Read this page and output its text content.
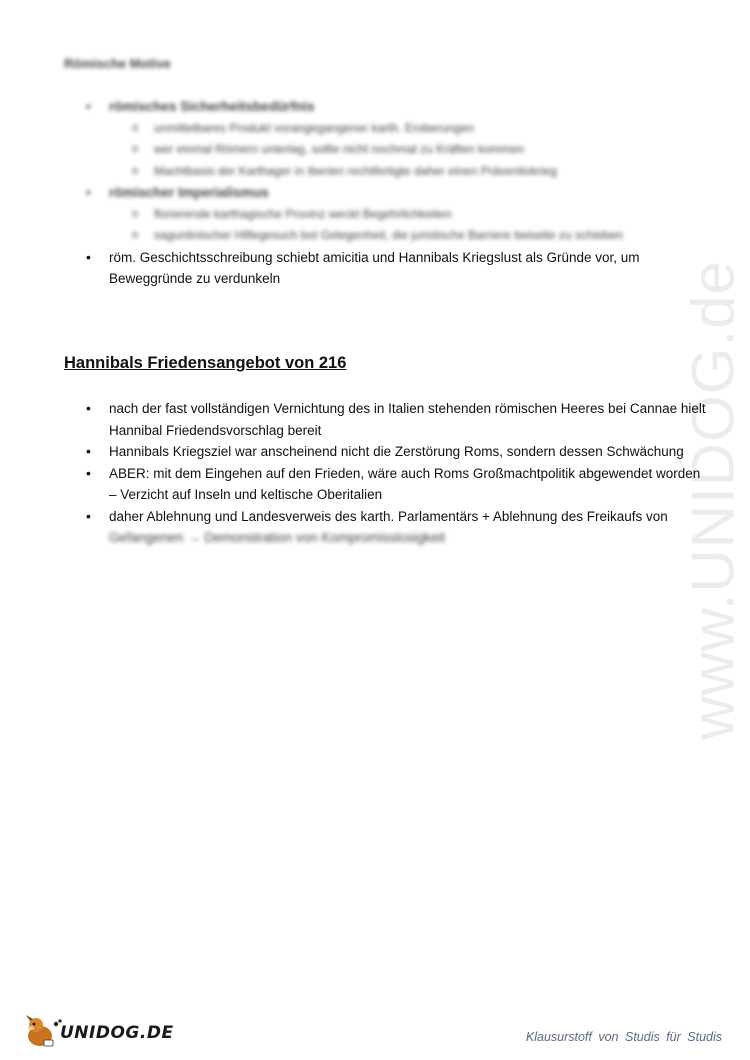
www.UNIDOG.de
Römische Motive
• römisches Sicherheitsbedürfnis
o unmittelbares Produkt vorangegangener karth. Eroberungen
o wer einmal Römern unterlag, sollte nicht nochmal zu Kräften kommen
o Machtbasis der Karthager in Iberien rechtfertigte daher einen Präventivkrieg
• römischer Imperialismus
o florierende karthagische Provinz weckt Begehrlichkeiten
o saguntinischer Hilfegesuch bot Gelegenheit, die juristische Barriere beiseite zu schieben
• röm. Geschichtsschreibung schiebt amicitia und Hannibals Kriegslust als Gründe vor, um Beweggründe zu verdunkeln
Hannibals Friedensangebot von 216
• nach der fast vollständigen Vernichtung des in Italien stehenden römischen Heeres bei Cannae hielt Hannibal Friedendsvorschlag bereit
• Hannibals Kriegsziel war anscheinend nicht die Zerstörung Roms, sondern dessen Schwächung
• ABER: mit dem Eingehen auf den Frieden, wäre auch Roms Großmachtpolitik abgewendet worden – Verzicht auf Inseln und keltische Oberitalien
• daher Ablehnung und Landesverweis des karth. Parlamentärs + Ablehnung des Freikaufs von
Gefangenen → Demonstration von Kompromisslosigkeit
UNIDOG.DE	Klausurstoff von Studis für Studis
